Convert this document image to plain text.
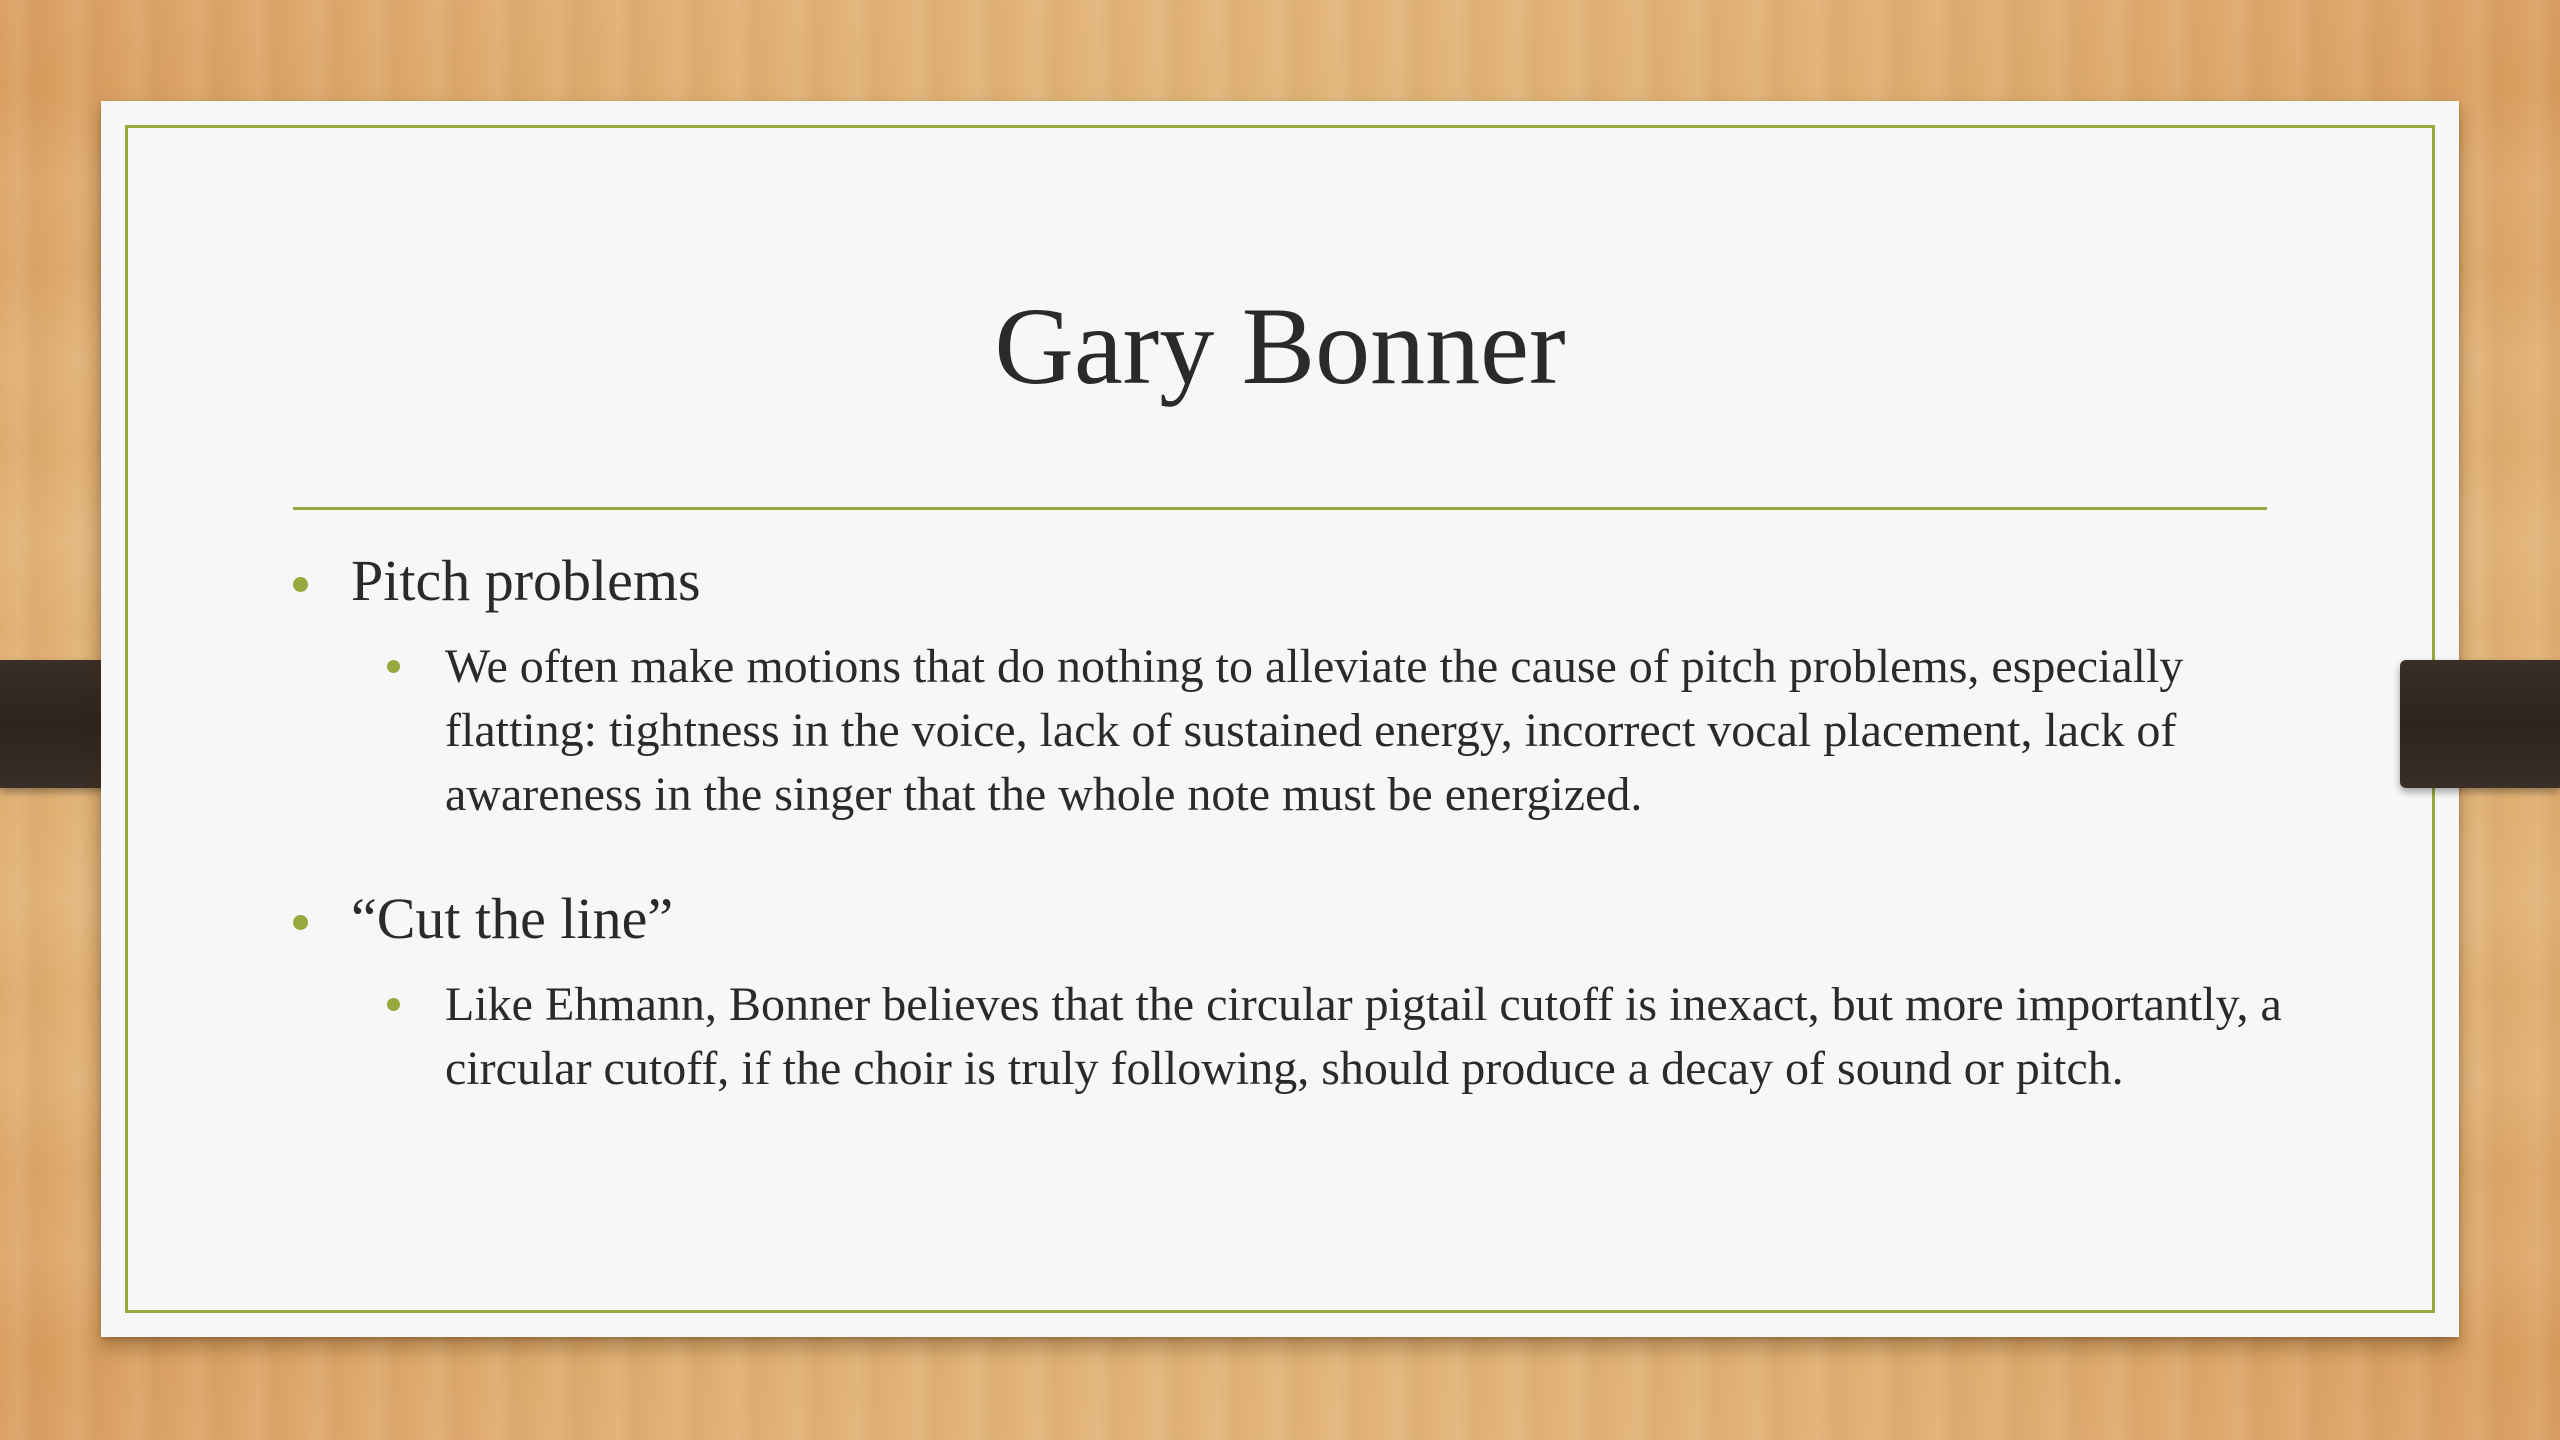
Gary Bonner

Pitch problems

We often make motions that do nothing to alleviate the cause of pitch problems, especially flatting: tightness in the voice, lack of sustained energy, incorrect vocal placement, lack of awareness in the singer that the whole note must be energized.

“Cut the line”

Like Ehmann, Bonner believes that the circular pigtail cutoff is inexact, but more importantly, a circular cutoff, if the choir is truly following, should produce a decay of sound or pitch.
